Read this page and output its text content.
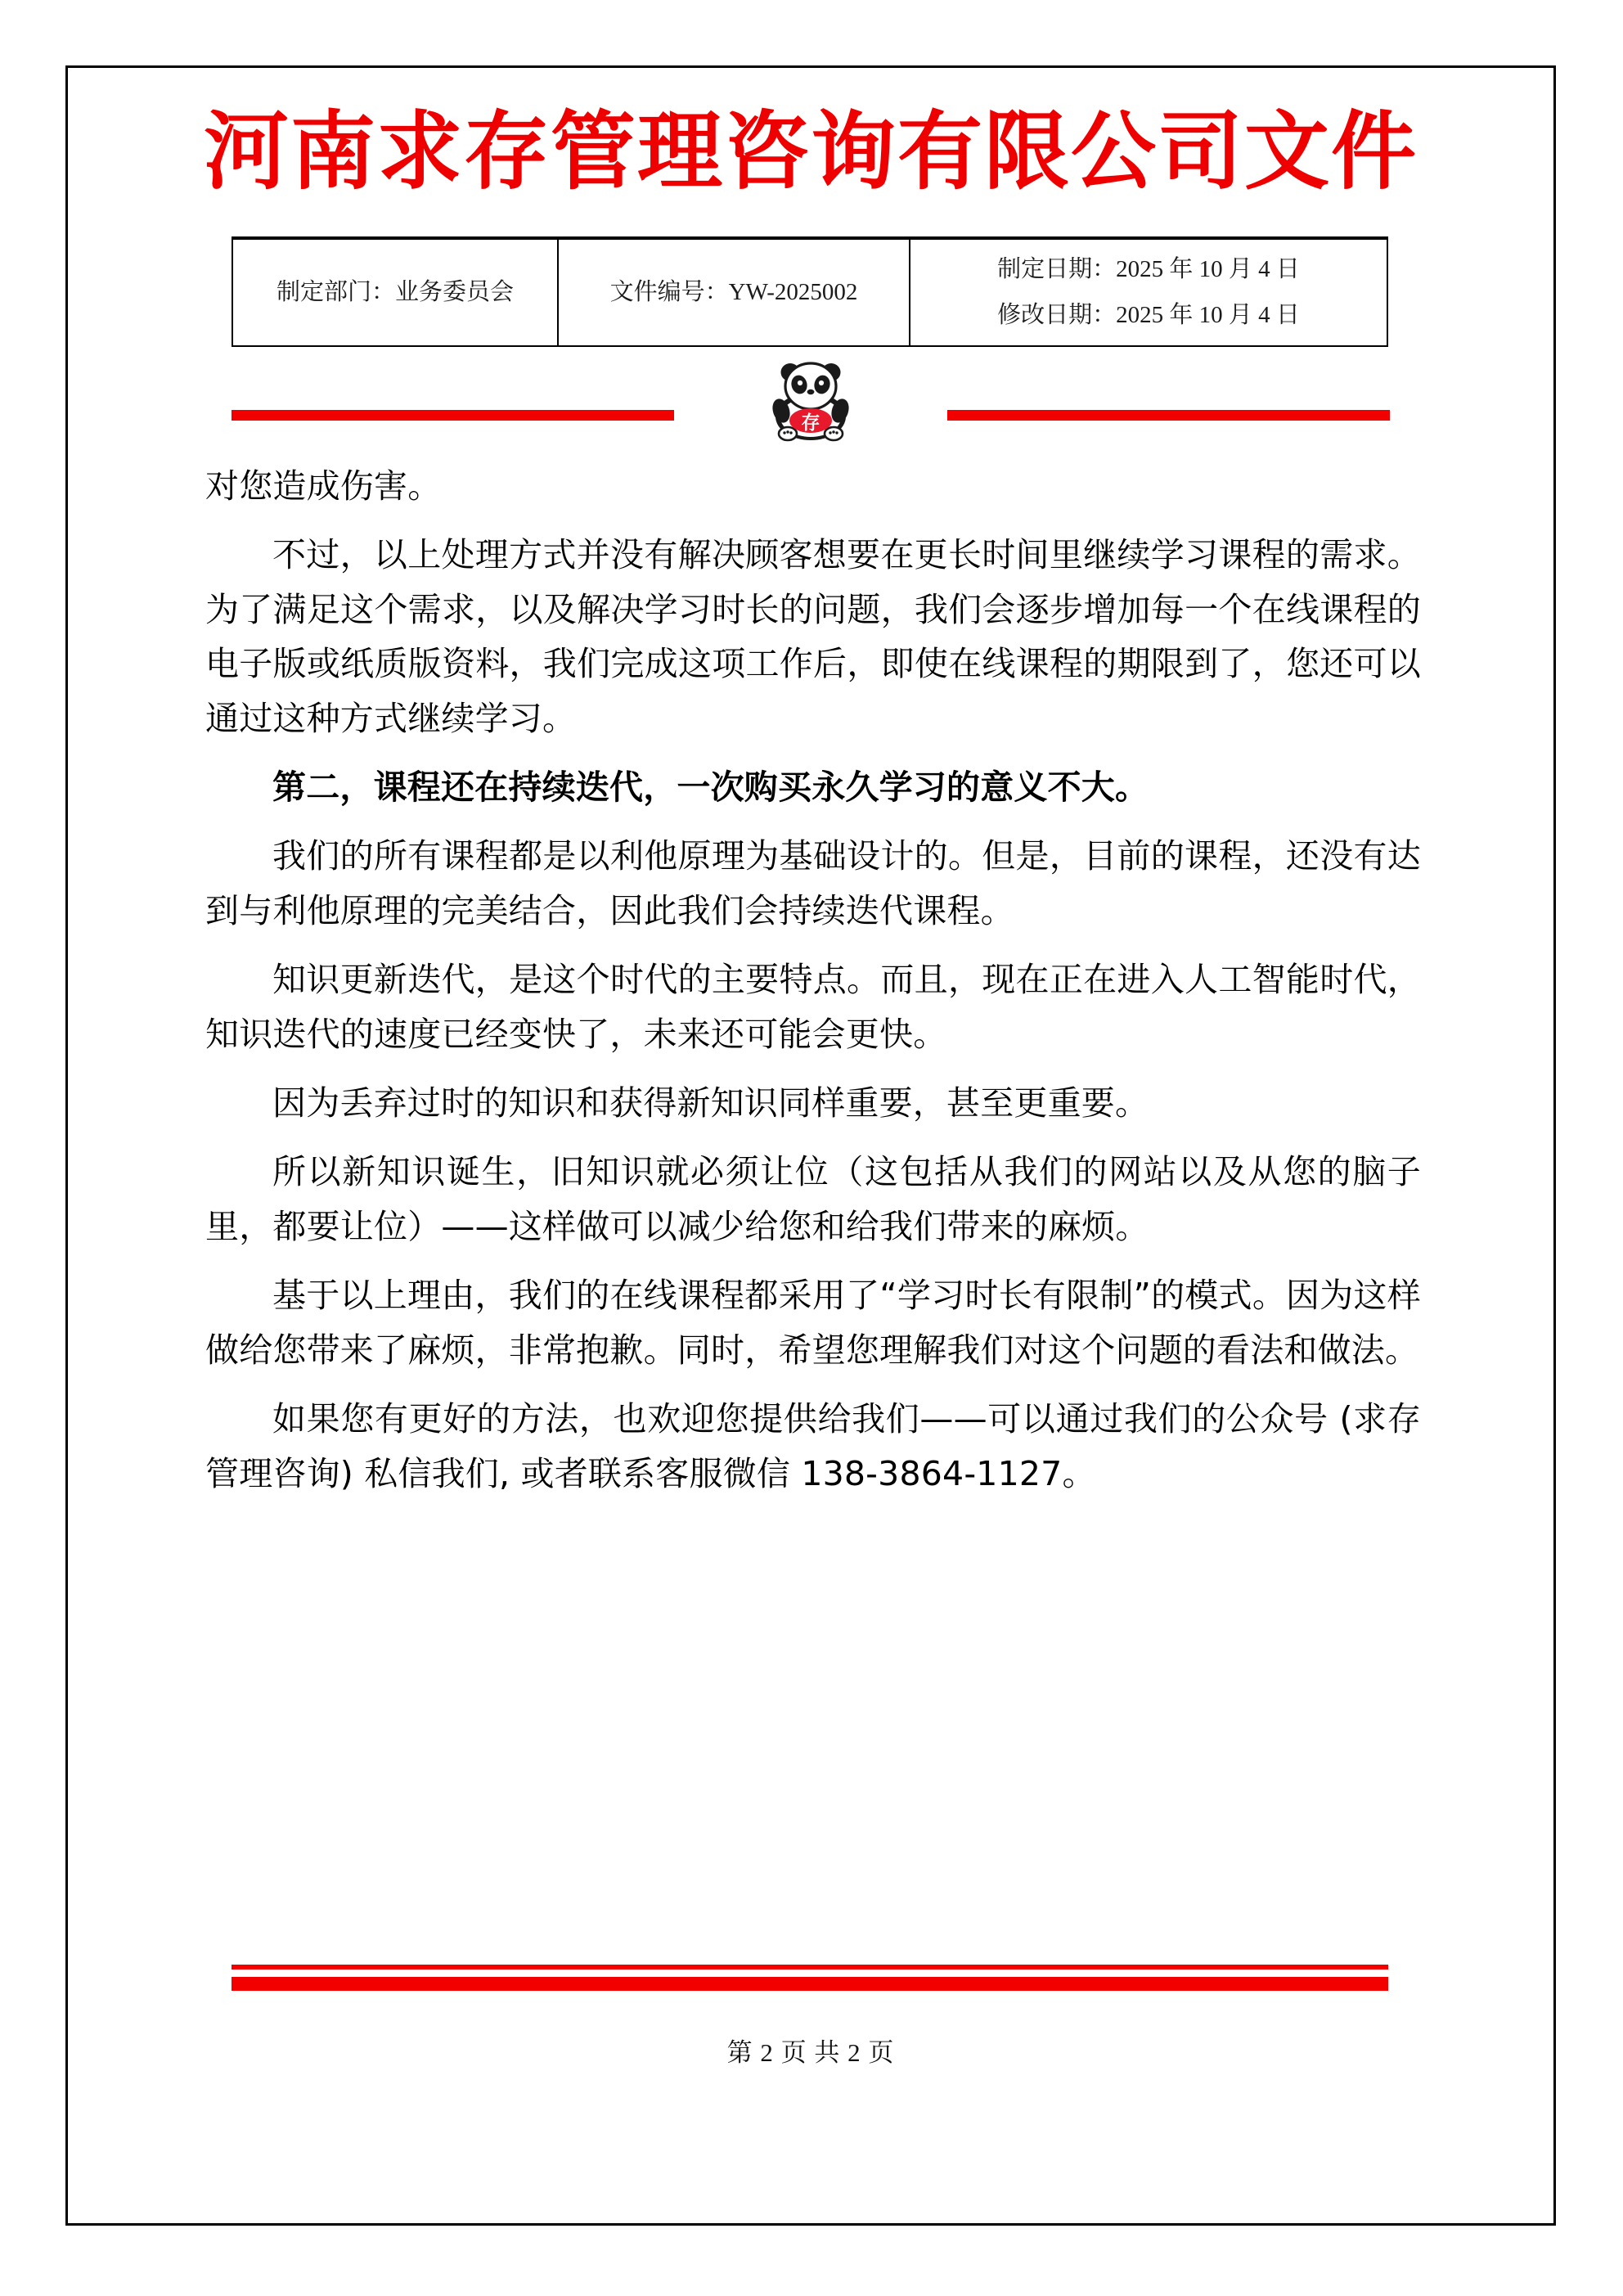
河南求存管理咨询有限公司文件
制定部门：业务委员会	文件编号：YW-2025002
制定日期：2025 年 10 月 4 日
修改日期：2025 年 10 月 4 日
存

对您造成伤害。

不过，以上处理方式并没有解决顾客想要在更长时间里继续学习课程的需求。为了满足这个需求，以及解决学习时长的问题，我们会逐步增加每一个在线课程的电子版或纸质版资料，我们完成这项工作后，即使在线课程的期限到了，您还可以通过这种方式继续学习。

第二，课程还在持续迭代，一次购买永久学习的意义不大。

我们的所有课程都是以利他原理为基础设计的。但是，目前的课程，还没有达到与利他原理的完美结合，因此我们会持续迭代课程。

知识更新迭代，是这个时代的主要特点。而且，现在正在进入人工智能时代，知识迭代的速度已经变快了，未来还可能会更快。

因为丢弃过时的知识和获得新知识同样重要，甚至更重要。

所以新知识诞生，旧知识就必须让位（这包括从我们的网站以及从您的脑子里，都要让位）——这样做可以减少给您和给我们带来的麻烦。

基于以上理由，我们的在线课程都采用了“学习时长有限制”的模式。因为这样做给您带来了麻烦，非常抱歉。同时，希望您理解我们对这个问题的看法和做法。

如果您有更好的方法，也欢迎您提供给我们——可以通过我们的公众号 (求存管理咨询) 私信我们, 或者联系客服微信 138-3864-1127。

第 2 页 共 2 页
